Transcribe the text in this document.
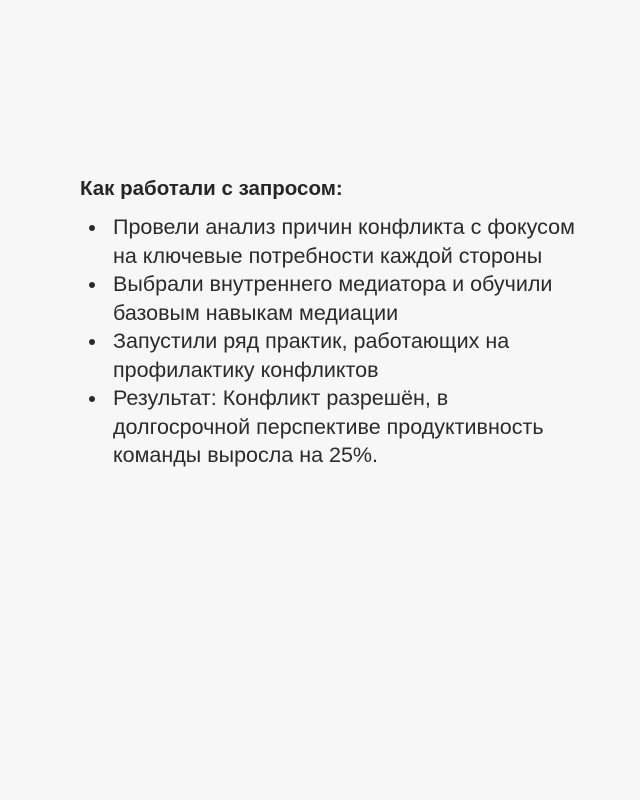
Как работали с запросом:
Провели анализ причин конфликта с фокусом на ключевые потребности каждой стороны
Выбрали внутреннего медиатора и обучили базовым навыкам медиации
Запустили ряд практик, работающих на профилактику конфликтов
Результат: Конфликт разрешён, в долгосрочной перспективе продуктивность команды выросла на 25%.
